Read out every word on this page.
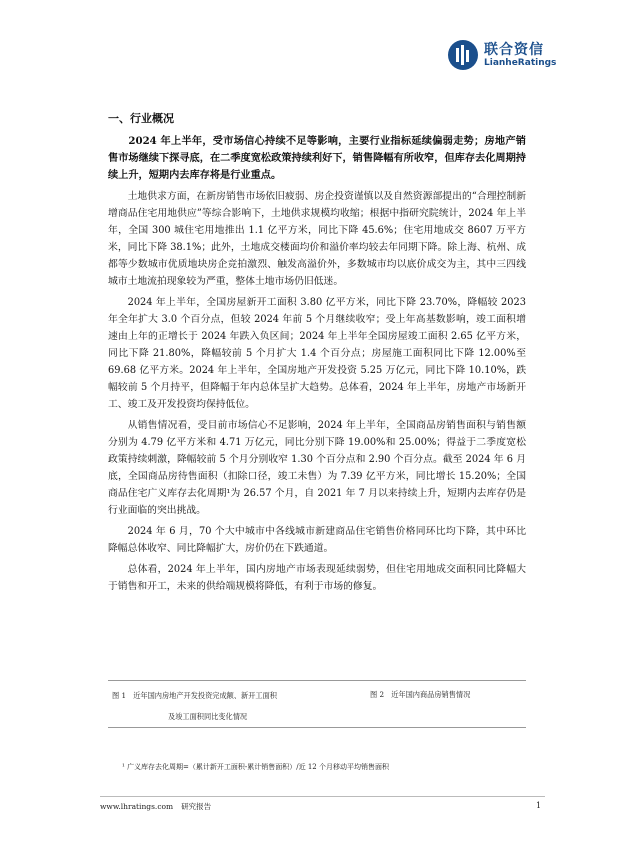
联合资信
LianheRatings
一、行业概况

2024 年上半年，受市场信心持续不足等影响，主要行业指标延续偏弱走势；房地产销售市场继续下探寻底，在二季度宽松政策持续利好下，销售降幅有所收窄，但库存去化周期持续上升，短期内去库存将是行业重点。

土地供求方面，在新房销售市场依旧疲弱、房企投资谨慎以及自然资源部提出的“合理控制新增商品住宅用地供应”等综合影响下，土地供求规模均收缩；根据中指研究院统计，2024 年上半年，全国 300 城住宅用地推出 1.1 亿平方米，同比下降 45.6%；住宅用地成交 8607 万平方米，同比下降 38.1%；此外，土地成交楼面均价和溢价率均较去年同期下降。除上海、杭州、成都等少数城市优质地块房企竞拍激烈、触发高溢价外，多数城市均以底价成交为主，其中三四线城市土地流拍现象较为严重，整体土地市场仍旧低迷。

2024 年上半年，全国房屋新开工面积 3.80 亿平方米，同比下降 23.70%，降幅较 2023 年全年扩大 3.0 个百分点，但较 2024 年前 5 个月继续收窄；受上年高基数影响，竣工面积增速由上年的正增长于 2024 年跌入负区间；2024 年上半年全国房屋竣工面积 2.65 亿平方米，同比下降 21.80%，降幅较前 5 个月扩大 1.4 个百分点；房屋施工面积同比下降 12.00%至 69.68 亿平方米。2024 年上半年，全国房地产开发投资 5.25 万亿元，同比下降 10.10%，跌幅较前 5 个月持平，但降幅于年内总体呈扩大趋势。总体看，2024 年上半年，房地产市场新开工、竣工及开发投资均保持低位。

从销售情况看，受目前市场信心不足影响，2024 年上半年，全国商品房销售面积与销售额分别为 4.79 亿平方米和 4.71 万亿元，同比分别下降 19.00%和 25.00%；得益于二季度宽松政策持续刺激，降幅较前 5 个月分别收窄 1.30 个百分点和 2.90 个百分点。截至 2024 年 6 月底，全国商品房待售面积（扣除口径，竣工未售）为 7.39 亿平方米，同比增长 15.20%；全国商品住宅广义库存去化周期¹为 26.57 个月，自 2021 年 7 月以来持续上升，短期内去库存仍是行业面临的突出挑战。

2024 年 6 月，70 个大中城市中各线城市新建商品住宅销售价格同环比均下降，其中环比降幅总体收窄、同比降幅扩大，房价仍在下跌通道。

总体看，2024 年上半年，国内房地产市场表现延续弱势，但住宅用地成交面积同比降幅大于销售和开工，未来的供给端规模将降低，有利于市场的修复。

图 1　近年国内房地产开发投资完成额、新开工面积
及竣工面积同比变化情况
图 2　近年国内商品房销售情况
¹ 广义库存去化周期=（累计新开工面积-累计销售面积）/近 12 个月移动平均销售面积
www.lhratings.com 研究报告	1
